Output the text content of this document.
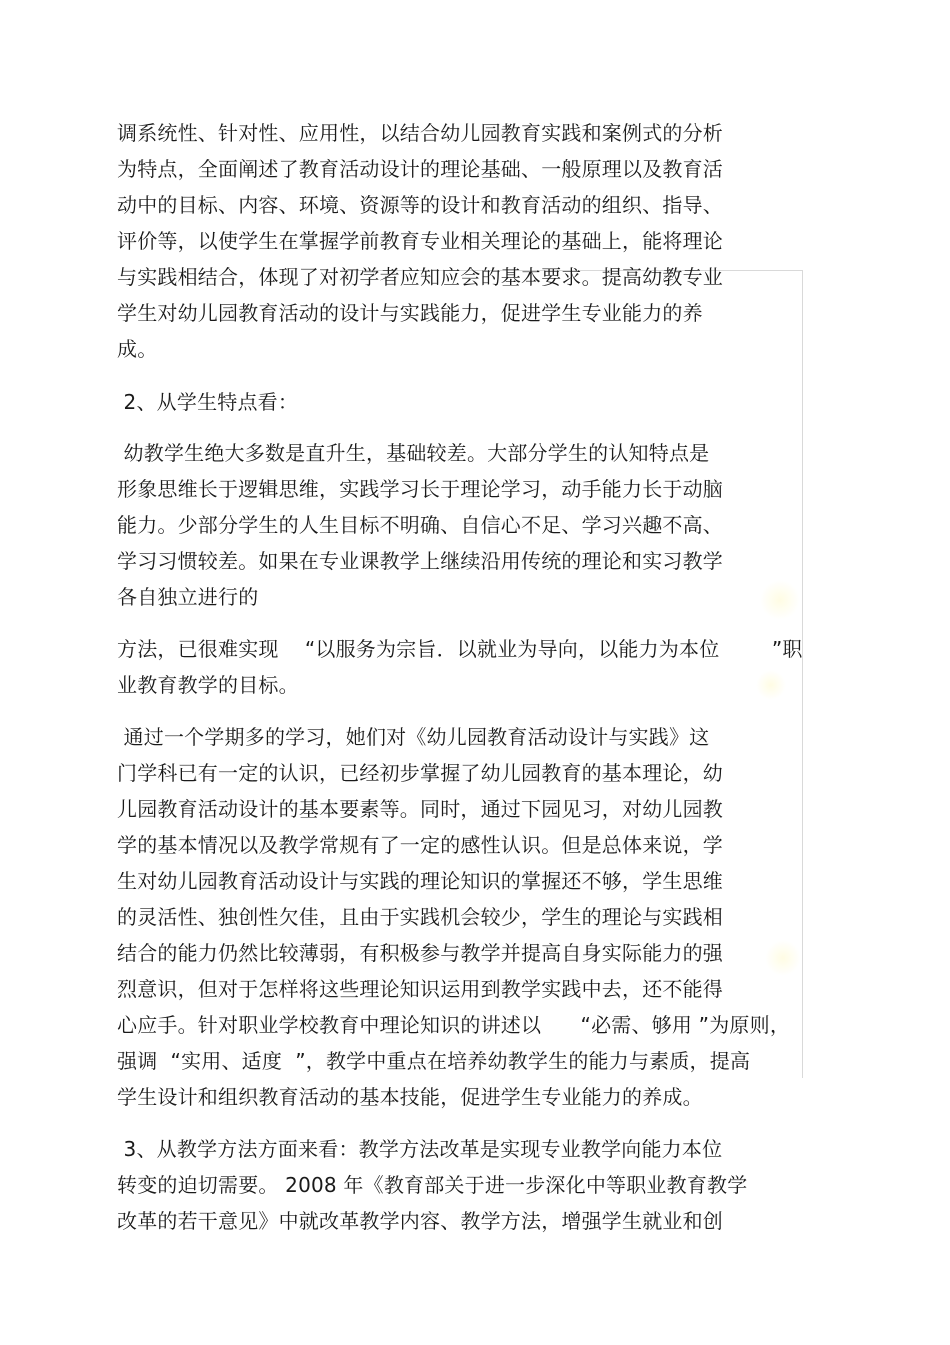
调系统性、针对性、应用性，以结合幼儿园教育实践和案例式的分析
为特点，全面阐述了教育活动设计的理论基础、一般原理以及教育活
动中的目标、内容、环境、资源等的设计和教育活动的组织、指导、
评价等，以使学生在掌握学前教育专业相关理论的基础上，能将理论
与实践相结合，体现了对初学者应知应会的基本要求。提高幼教专业
学生对幼儿园教育活动的设计与实践能力，促进学生专业能力的养
成。
2、从学生特点看：
幼教学生绝大多数是直升生，基础较差。大部分学生的认知特点是
形象思维长于逻辑思维，实践学习长于理论学习，动手能力长于动脑
能力。少部分学生的人生目标不明确、自信心不足、学习兴趣不高、
学习习惯较差。如果在专业课教学上继续沿用传统的理论和实习教学
各自独立进行的
方法，已很难实现    “以服务为宗旨．以就业为导向，以能力为本位        ”职
业教育教学的目标。
通过一个学期多的学习，她们对《幼儿园教育活动设计与实践》这
门学科已有一定的认识，已经初步掌握了幼儿园教育的基本理论，幼
儿园教育活动设计的基本要素等。同时，通过下园见习，对幼儿园教
学的基本情况以及教学常规有了一定的感性认识。但是总体来说，学
生对幼儿园教育活动设计与实践的理论知识的掌握还不够，学生思维
的灵活性、独创性欠佳，且由于实践机会较少，学生的理论与实践相
结合的能力仍然比较薄弱，有积极参与教学并提高自身实际能力的强
烈意识，但对于怎样将这些理论知识运用到教学实践中去，还不能得
心应手。针对职业学校教育中理论知识的讲述以      “必需、够用 ”为原则，
强调  “实用、适度  ”，教学中重点在培养幼教学生的能力与素质，提高
学生设计和组织教育活动的基本技能，促进学生专业能力的养成。
3、从教学方法方面来看：教学方法改革是实现专业教学向能力本位
转变的迫切需要。 2008 年《教育部关于进一步深化中等职业教育教学
改革的若干意见》中就改革教学内容、教学方法，增强学生就业和创
